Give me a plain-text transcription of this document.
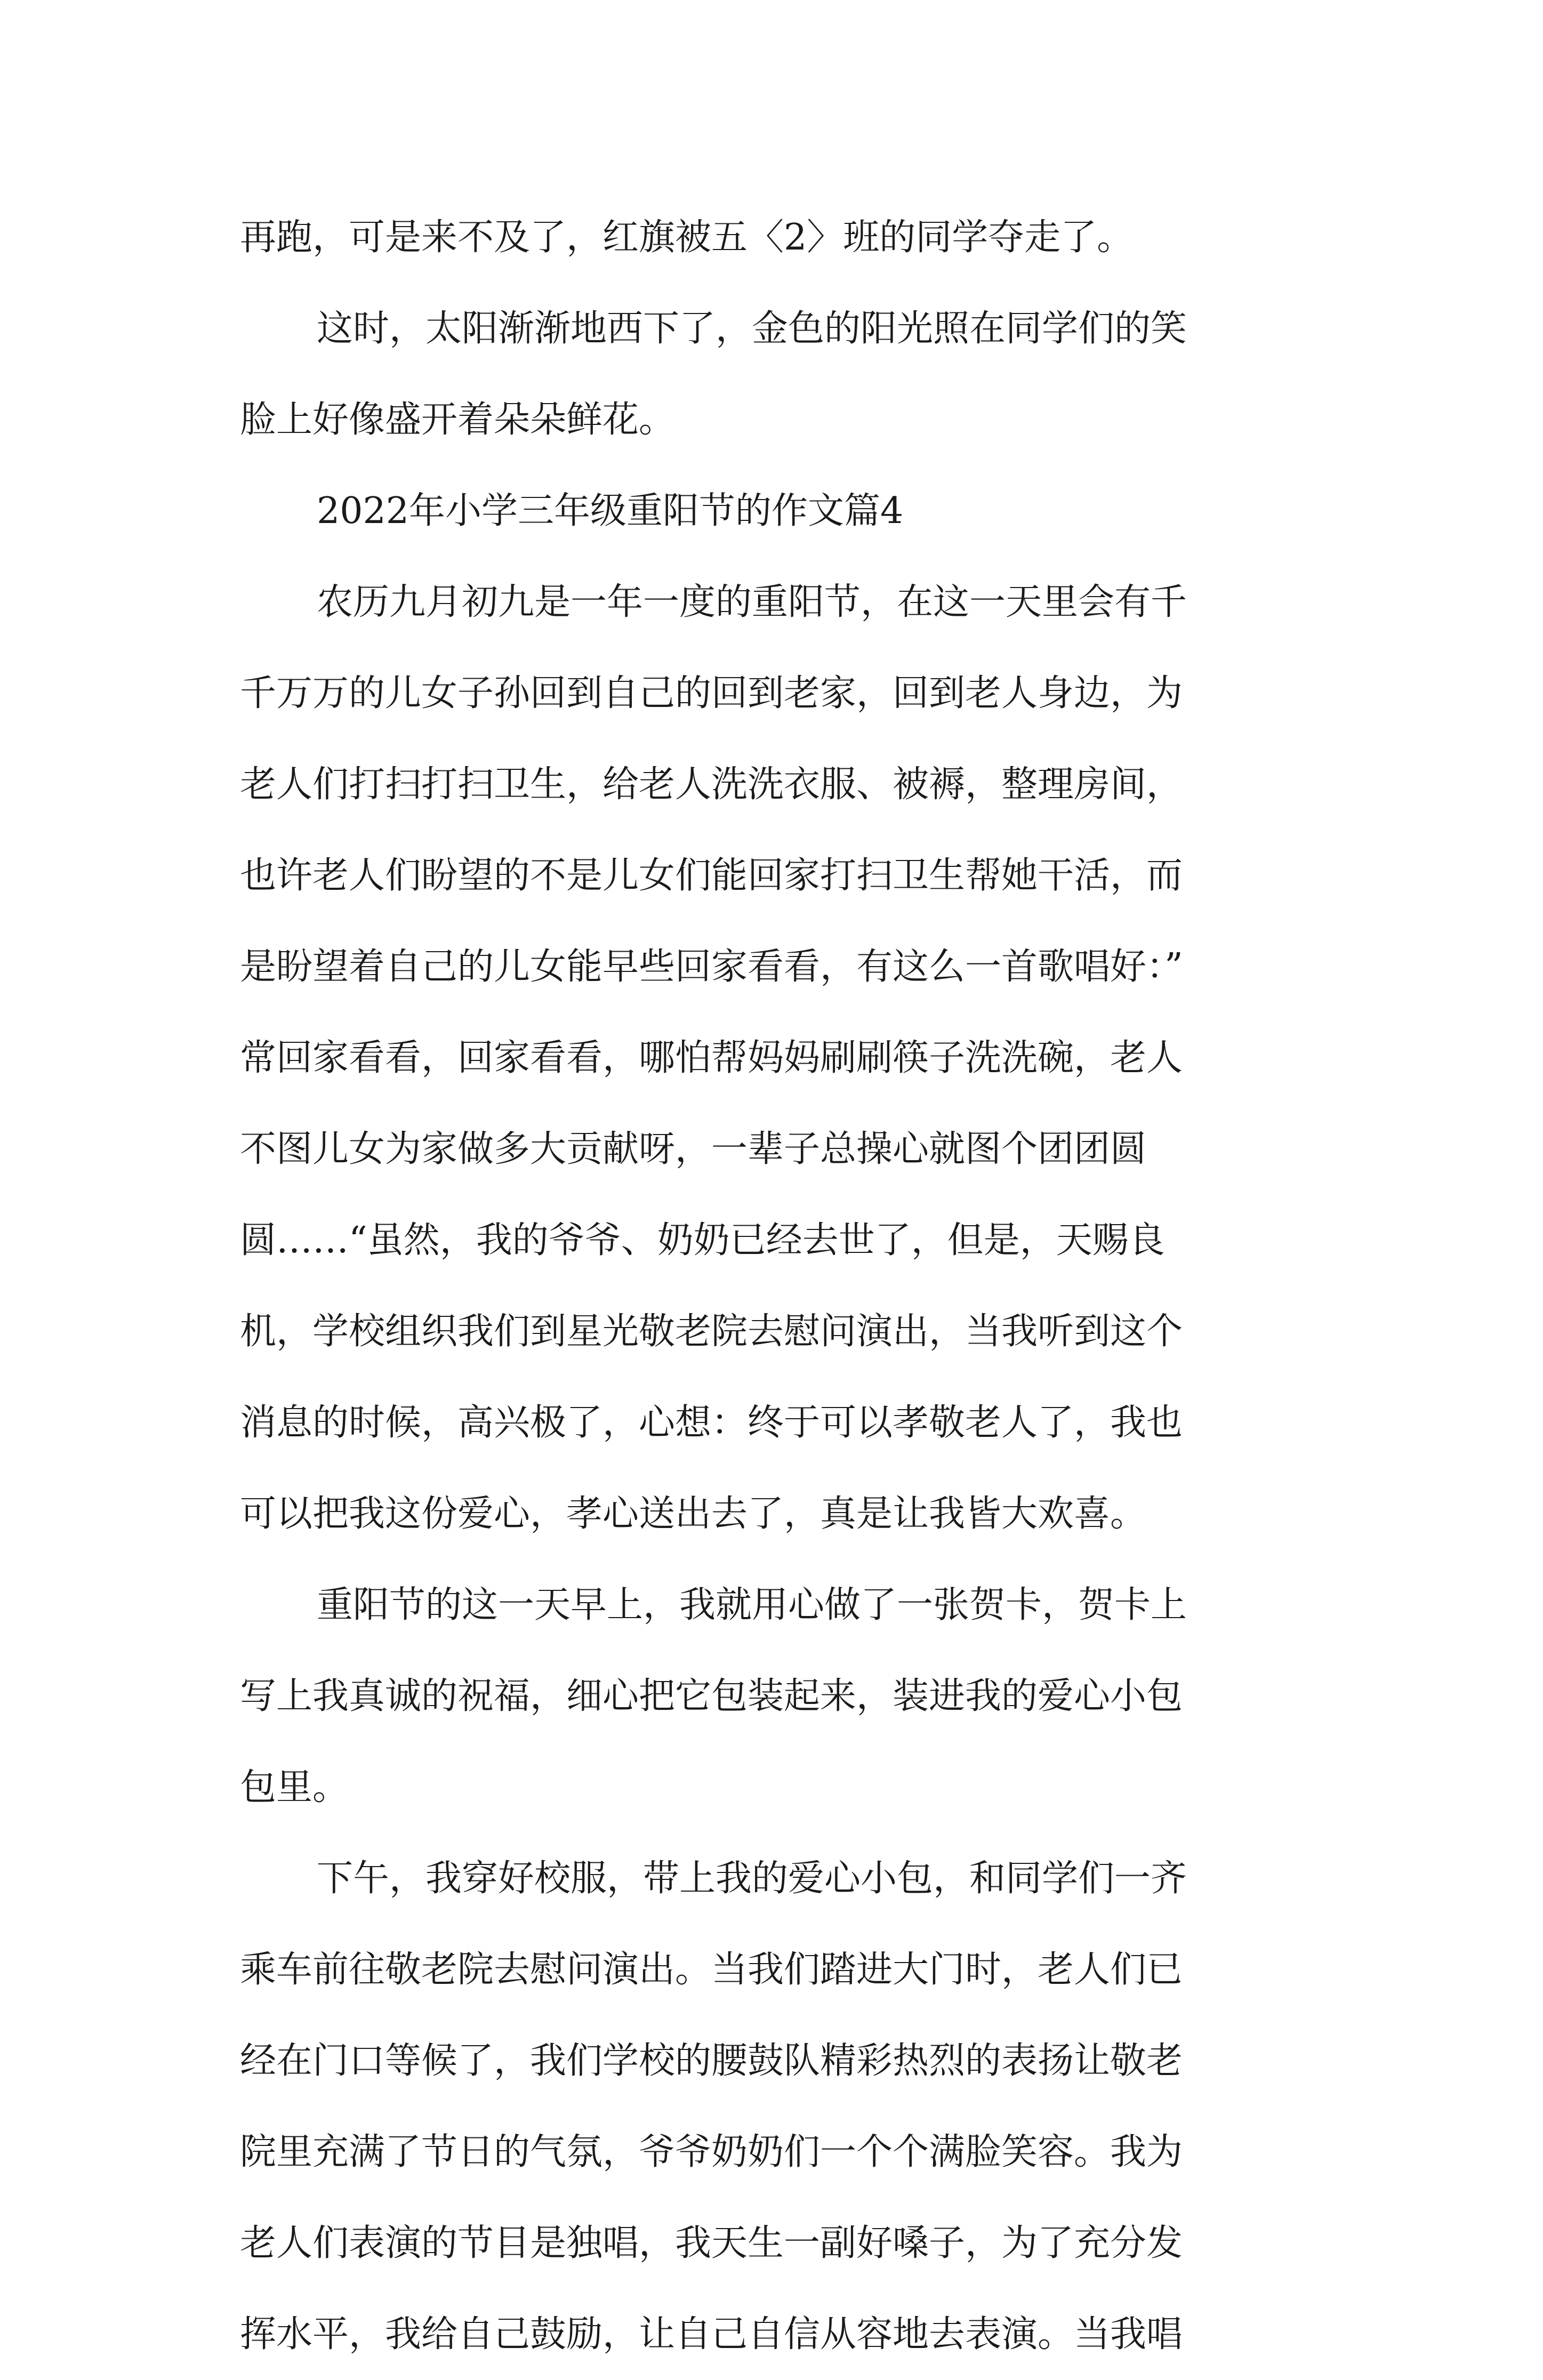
再跑，可是来不及了，红旗被五〈2〉班的同学夺走了。
这时，太阳渐渐地西下了，金色的阳光照在同学们的笑
脸上好像盛开着朵朵鲜花。
2022年小学三年级重阳节的作文篇4
农历九月初九是一年一度的重阳节，在这一天里会有千
千万万的儿女子孙回到自己的回到老家，回到老人身边，为
老人们打扫打扫卫生，给老人洗洗衣服、被褥，整理房间，
也许老人们盼望的不是儿女们能回家打扫卫生帮她干活，而
是盼望着自己的儿女能早些回家看看，有这么一首歌唱好：”
常回家看看，回家看看，哪怕帮妈妈刷刷筷子洗洗碗，老人
不图儿女为家做多大贡献呀，一辈子总操心就图个团团圆
圆……“虽然，我的爷爷、奶奶已经去世了，但是，天赐良
机，学校组织我们到星光敬老院去慰问演出，当我听到这个
消息的时候，高兴极了，心想：终于可以孝敬老人了，我也
可以把我这份爱心，孝心送出去了，真是让我皆大欢喜。
重阳节的这一天早上，我就用心做了一张贺卡，贺卡上
写上我真诚的祝福，细心把它包装起来，装进我的爱心小包
包里。
下午，我穿好校服，带上我的爱心小包，和同学们一齐
乘车前往敬老院去慰问演出。当我们踏进大门时，老人们已
经在门口等候了，我们学校的腰鼓队精彩热烈的表扬让敬老
院里充满了节日的气氛，爷爷奶奶们一个个满脸笑容。我为
老人们表演的节目是独唱，我天生一副好嗓子，为了充分发
挥水平，我给自己鼓励，让自己自信从容地去表演。当我唱
